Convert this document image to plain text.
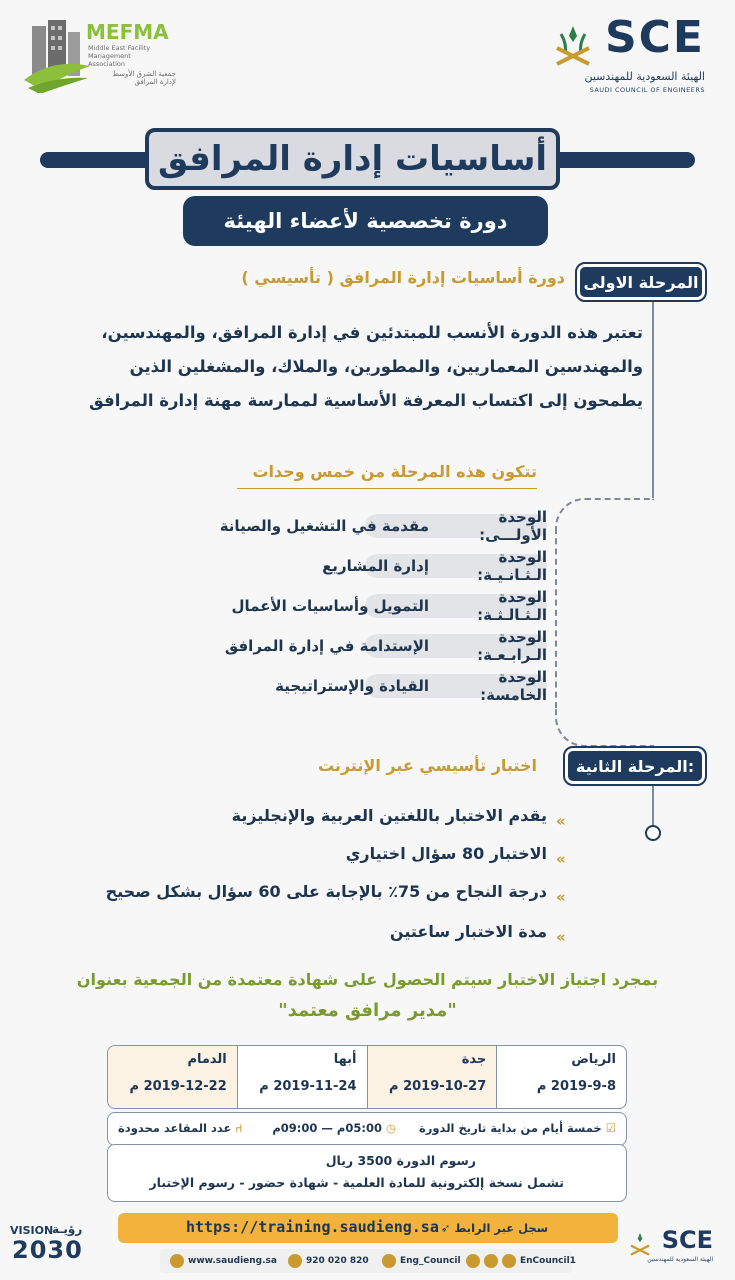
MEFMA
Middle East Facility Management Association
جمعية الشرق الأوسط لإدارة المرافق
SCE
الهيئة السعودية للمهندسين
SAUDI COUNCIL OF ENGINEERS
أساسيات إدارة المرافق
دورة تخصصية لأعضاء الهيئة
المرحلة الاولى
دورة أساسيات إدارة المرافق ( تأسيسي )
تعتبر هذه الدورة الأنسب للمبتدئين في إدارة المرافق، والمهندسين،
والمهندسين المعماريين، والمطورين، والملاك، والمشغلين الذين
يطمحون إلى اكتساب المعرفة الأساسية لممارسة مهنة إدارة المرافق
تتكون هذه المرحلة من خمس وحدات
الوحدة الأولـــى:
مقدمة في التشغيل والصيانة
الوحدة الـثـانـيـة:
إدارة المشاريع
الوحدة الـثـالـثـة:
التمويل وأساسيات الأعمال
الوحدة الـرابـعـة:
الإستدامة في إدارة المرافق
الوحدة الخامسة:
القيادة والإستراتيجية
المرحلة الثانية:
اختبار تأسيسي عبر الإنترنت
«
يقدم الاختبار باللغتين العربية والإنجليزية
«
الاختبار 80 سؤال اختياري
«
درجة النجاح من 75٪ بالإجابة على 60 سؤال بشكل صحيح
«
مدة الاختبار ساعتين
بمجرد اجتياز الاختبار سيتم الحصول على شهادة معتمدة من الجمعية بعنوان
"مدير مرافق معتمد"
الرياض
2019-9-8 م
جدة
2019-10-27 م
أبها
2019-11-24 م
الدمام
2019-12-22 م
☑
خمسة أيام من بداية تاريخ الدورة
◷
05:00م — 09:00م
⑁
عدد المقاعد محدودة
رسوم الدورة 3500 ريال
تشمل نسخة إلكترونية للمادة العلمية - شهادة حضور - رسوم الإختبار
https://training.saudieng.sa سجل عبر الرابط
➶
VISION
رؤيـة
2030	www.saudieng.sa	920 020 820	Eng_Council	EnCouncil1
SCE
الهيئة السعودية للمهندسين
